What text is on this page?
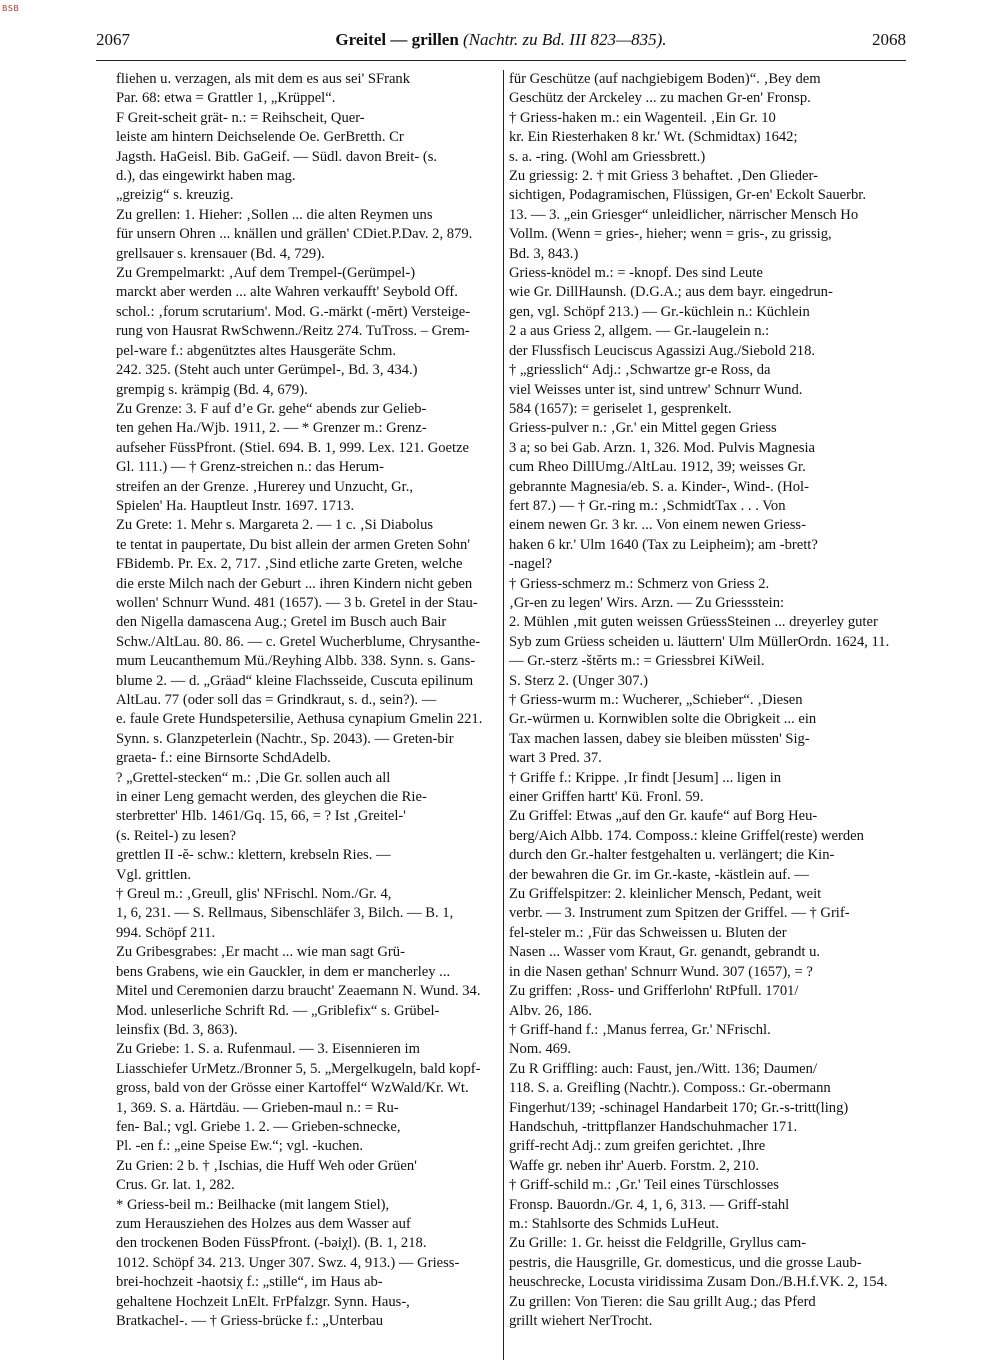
BSB
2067	Greitel — grillen (Nachtr. zu Bd. III 823—835).	2068

fliehen u. verzagen, als mit dem es aus sei' SFrank

Par. 68: etwa = Grattler 1, „Krüppel“.

F Greit-scheit grät- n.: = Reihscheit, Quer-

leiste am hintern Deichselende Oe. GerBretth. Cr

Jagsth. HaGeisl. Bib. GaGeif. — Südl. davon Breit- (s.

d.), das eingewirkt haben mag.

„greizig“ s. kreuzig.

Zu grellen: 1. Hieher: ‚Sollen ... die alten Reymen uns

für unsern Ohren ... knällen und grällen' CDiet.P.Dav. 2, 879.

grellsauer s. krensauer (Bd. 4, 729).

Zu Grempelmarkt: ‚Auf dem Trempel-(Gerümpel-)

marckt aber werden ... alte Wahren verkaufft' Seybold Off.

schol.: ‚forum scrutarium'. Mod. G.-märkt (-mĕrt) Versteige-

rung von Hausrat RwSchwenn./Reitz 274. TuTross. – Grem-

pel-ware f.: abgenütztes altes Hausgeräte Schm.

242. 325. (Steht auch unter Gerümpel-, Bd. 3, 434.)

grempig s. krämpig (Bd. 4, 679).

Zu Grenze: 3. F auf d’e Gr. gehe“ abends zur Gelieb-

ten gehen Ha./Wjb. 1911, 2. — * Grenzer m.: Grenz-

aufseher FüssPfront. (Stiel. 694. B. 1, 999. Lex. 121. Goetze

Gl. 111.) — † Grenz-streichen n.: das Herum-

streifen an der Grenze. ‚Hurerey und Unzucht, Gr.,

Spielen' Ha. Hauptleut Instr. 1697. 1713.

Zu Grete: 1. Mehr s. Margareta 2. — 1 c. ‚Si Diabolus

te tentat in paupertate, Du bist allein der armen Greten Sohn'

FBidemb. Pr. Ex. 2, 717. ‚Sind etliche zarte Greten, welche

die erste Milch nach der Geburt ... ihren Kindern nicht geben

wollen' Schnurr Wund. 481 (1657). — 3 b. Gretel in der Stau-

den Nigella damascena Aug.; Gretel im Busch auch Bair

Schw./AltLau. 80. 86. — c. Gretel Wucherblume, Chrysanthe-

mum Leucanthemum Mü./Reyhing Albb. 338. Synn. s. Gans-

blume 2. — d. „Gräad“ kleine Flachsseide, Cuscuta epilinum

AltLau. 77 (oder soll das = Grindkraut, s. d., sein?). —

e. faule Grete Hundspetersilie, Aethusa cynapium Gmelin 221.

Synn. s. Glanzpeterlein (Nachtr., Sp. 2043). — Greten-bir

graeta- f.: eine Birnsorte SchdAdelb.

? „Grettel-stecken“ m.: ‚Die Gr. sollen auch all

in einer Leng gemacht werden, des gleychen die Rie-

sterbretter' Hlb. 1461/Gq. 15, 66, = ? Ist ‚Greitel-'

(s. Reitel-) zu lesen?

grettlen II -ĕ- schw.: klettern, krebseln Ries. —

Vgl. grittlen.

† Greul m.: ‚Greull, glis' NFrischl. Nom./Gr. 4,

1, 6, 231. — S. Rellmaus, Sibenschläfer 3, Bilch. — B. 1,

994. Schöpf 211.

Zu Gribesgrabes: ‚Er macht ... wie man sagt Grü-

bens Grabens, wie ein Gauckler, in dem er mancherley ...

Mitel und Ceremonien darzu braucht' Zeaemann N. Wund. 34.

Mod. unleserliche Schrift Rd. — „Griblefix“ s. Grübel-

leinsfix (Bd. 3, 863).

Zu Griebe: 1. S. a. Rufenmaul. — 3. Eisennieren im

Liasschiefer UrMetz./Bronner 5, 5. „Mergelkugeln, bald kopf-

gross, bald von der Grösse einer Kartoffel“ WzWald/Kr. Wt.

1, 369. S. a. Härtdäu. — Grieben-maul n.: = Ru-

fen- Bal.; vgl. Griebe 1. 2. — Grieben-schnecke,

Pl. -en f.: „eine Speise Ew.“; vgl. -kuchen.

Zu Grien: 2 b. † ‚Ischias, die Huff Weh oder Grüen'

Crus. Gr. lat. 1, 282.

* Griess-beil m.: Beilhacke (mit langem Stiel),

zum Herausziehen des Holzes aus dem Wasser auf

den trockenen Boden FüssPfront. (-bəiχl). (B. 1, 218.

1012. Schöpf 34. 213. Unger 307. Swz. 4, 913.) — Griess-

brei-hochzeit -haotsiχ f.: „stille“, im Haus ab-

gehaltene Hochzeit LnElt. FrPfalzgr. Synn. Haus-,

Bratkachel-. — † Griess-brücke f.: „Unterbau

für Geschütze (auf nachgiebigem Boden)“. ‚Bey dem

Geschütz der Arckeley ... zu machen Gr-en' Fronsp.

† Griess-haken m.: ein Wagenteil. ‚Ein Gr. 10

kr. Ein Riesterhaken 8 kr.' Wt. (Schmidtax) 1642;

s. a. -ring. (Wohl am Griessbrett.)

Zu griessig: 2. † mit Griess 3 behaftet. ‚Den Glieder-

sichtigen, Podagramischen, Flüssigen, Gr-en' Eckolt Sauerbr.

13. — 3. „ein Griesger“ unleidlicher, närrischer Mensch Ho

Vollm. (Wenn = gries-, hieher; wenn = gris-, zu grissig,

Bd. 3, 843.)

Griess-knödel m.: = -knopf. Des sind Leute

wie Gr. DillHaunsh. (D.G.A.; aus dem bayr. eingedrun-

gen, vgl. Schöpf 213.) — Gr.-küchlein n.: Küchlein

2 a aus Griess 2, allgem. — Gr.-laugelein n.:

der Flussfisch Leuciscus Agassizi Aug./Siebold 218.

† „griesslich“ Adj.: ‚Schwartze gr-e Ross, da

viel Weisses unter ist, sind untrew' Schnurr Wund.

584 (1657): = geriselet 1, gesprenkelt.

Griess-pulver n.: ‚Gr.' ein Mittel gegen Griess

3 a; so bei Gab. Arzn. 1, 326. Mod. Pulvis Magnesia

cum Rheo DillUmg./AltLau. 1912, 39; weisses Gr.

gebrannte Magnesia/eb. S. a. Kinder-, Wind-. (Hol-

fert 87.) — † Gr.-ring m.: ‚SchmidtTax . . . Von

einem newen Gr. 3 kr. ... Von einem newen Griess-

haken 6 kr.' Ulm 1640 (Tax zu Leipheim); am -brett?

-nagel?

† Griess-schmerz m.: Schmerz von Griess 2.

‚Gr-en zu legen' Wirs. Arzn. — Zu Griessstein:

2. Mühlen ‚mit guten weissen GrüessSteinen ... dreyerley guter

Syb zum Grüess scheiden u. läuttern' Ulm MüllerOrdn. 1624, 11.

— Gr.-sterz -štĕrts m.: = Griessbrei KiWeil.

S. Sterz 2. (Unger 307.)

† Griess-wurm m.: Wucherer, „Schieber“. ‚Diesen

Gr.-würmen u. Kornwiblen solte die Obrigkeit ... ein

Tax machen lassen, dabey sie bleiben müssten' Sig-

wart 3 Pred. 37.

† Griffe f.: Krippe. ‚Ir findt [Jesum] ... ligen in

einer Griffen hartt' Kü. Fronl. 59.

Zu Griffel: Etwas „auf den Gr. kaufe“ auf Borg Heu-

berg/Aich Albb. 174. Composs.: kleine Griffel(reste) werden

durch den Gr.-halter festgehalten u. verlängert; die Kin-

der bewahren die Gr. im Gr.-kaste, -kästlein auf. —

Zu Griffelspitzer: 2. kleinlicher Mensch, Pedant, weit

verbr. — 3. Instrument zum Spitzen der Griffel. — † Grif-

fel-steler m.: ‚Für das Schweissen u. Bluten der

Nasen ... Wasser vom Kraut, Gr. genandt, gebrandt u.

in die Nasen gethan' Schnurr Wund. 307 (1657), = ?

Zu griffen: ‚Ross- und Grifferlohn' RtPfull. 1701/

Albv. 26, 186.

† Griff-hand f.: ‚Manus ferrea, Gr.' NFrischl.

Nom. 469.

Zu R Griffling: auch: Faust, jen./Witt. 136; Daumen/

118. S. a. Greifling (Nachtr.). Composs.: Gr.-obermann

Fingerhut/139; -schinagel Handarbeit 170; Gr.-s-tritt(ling)

Handschuh, -trittpflanzer Handschuhmacher 171.

griff-recht Adj.: zum greifen gerichtet. ‚Ihre

Waffe gr. neben ihr' Auerb. Forstm. 2, 210.

† Griff-schild m.: ‚Gr.' Teil eines Türschlosses

Fronsp. Bauordn./Gr. 4, 1, 6, 313. — Griff-stahl

m.: Stahlsorte des Schmids LuHeut.

Zu Grille: 1. Gr. heisst die Feldgrille, Gryllus cam-

pestris, die Hausgrille, Gr. domesticus, und die grosse Laub-

heuschrecke, Locusta viridissima Zusam Don./B.H.f.VK. 2, 154.

Zu grillen: Von Tieren: die Sau grillt Aug.; das Pferd

grillt wiehert NerTrocht.
